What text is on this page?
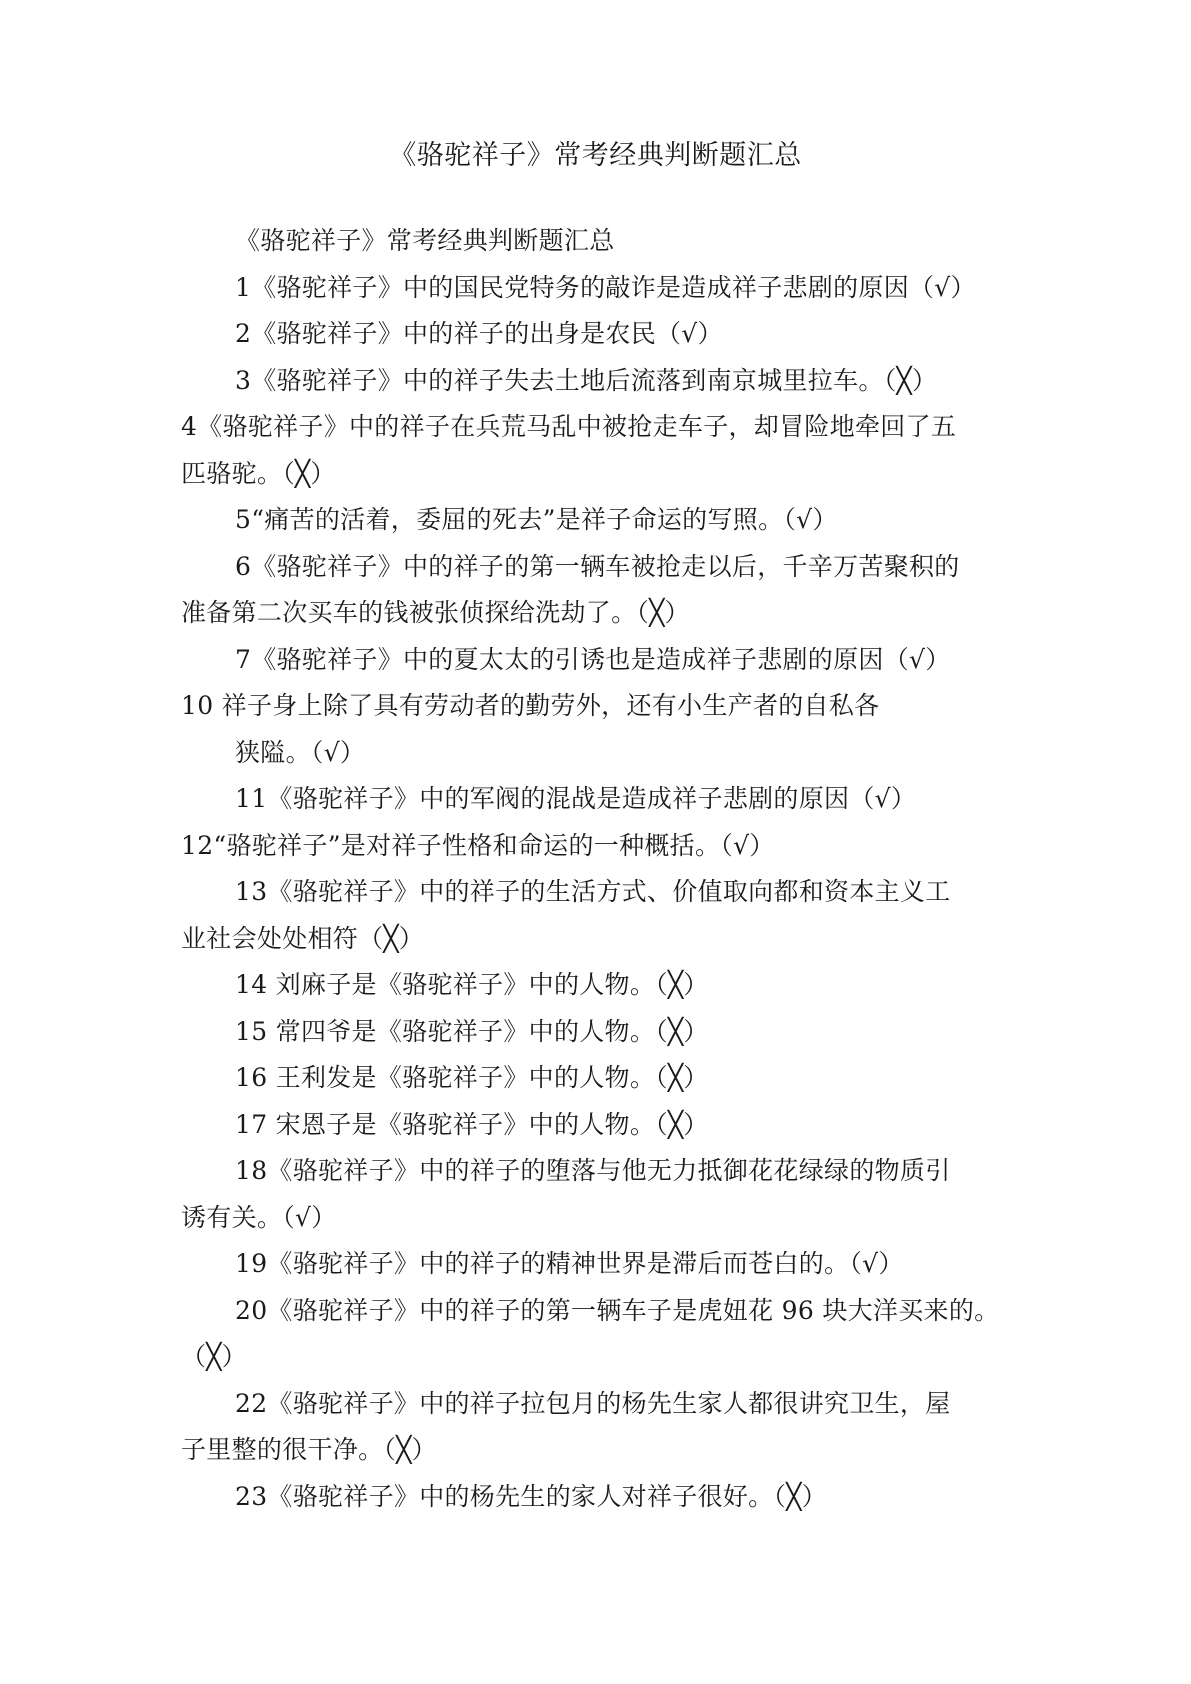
《骆驼祥子》常考经典判断题汇总
《骆驼祥子》常考经典判断题汇总
1《骆驼祥子》中的国民党特务的敲诈是造成祥子悲剧的原因（√）
2《骆驼祥子》中的祥子的出身是农民（√）
3《骆驼祥子》中的祥子失去土地后流落到南京城里拉车。（╳）
4《骆驼祥子》中的祥子在兵荒马乱中被抢走车子，却冒险地牵回了五
匹骆驼。（╳）
5“痛苦的活着，委屈的死去”是祥子命运的写照。（√）
6《骆驼祥子》中的祥子的第一辆车被抢走以后，千辛万苦聚积的
准备第二次买车的钱被张侦探给洗劫了。（╳）
7《骆驼祥子》中的夏太太的引诱也是造成祥子悲剧的原因（√）
10 祥子身上除了具有劳动者的勤劳外，还有小生产者的自私各
狭隘。（√）
11《骆驼祥子》中的军阀的混战是造成祥子悲剧的原因（√）
12“骆驼祥子”是对祥子性格和命运的一种概括。（√）
13《骆驼祥子》中的祥子的生活方式、价值取向都和资本主义工
业社会处处相符（╳）
14 刘麻子是《骆驼祥子》中的人物。（╳）
15 常四爷是《骆驼祥子》中的人物。（╳）
16 王利发是《骆驼祥子》中的人物。（╳）
17 宋恩子是《骆驼祥子》中的人物。（╳）
18《骆驼祥子》中的祥子的堕落与他无力抵御花花绿绿的物质引
诱有关。（√）
19《骆驼祥子》中的祥子的精神世界是滞后而苍白的。（√）
20《骆驼祥子》中的祥子的第一辆车子是虎妞花 96 块大洋买来的。
（╳）
22《骆驼祥子》中的祥子拉包月的杨先生家人都很讲究卫生，屋
子里整的很干净。（╳）
23《骆驼祥子》中的杨先生的家人对祥子很好。（╳）
